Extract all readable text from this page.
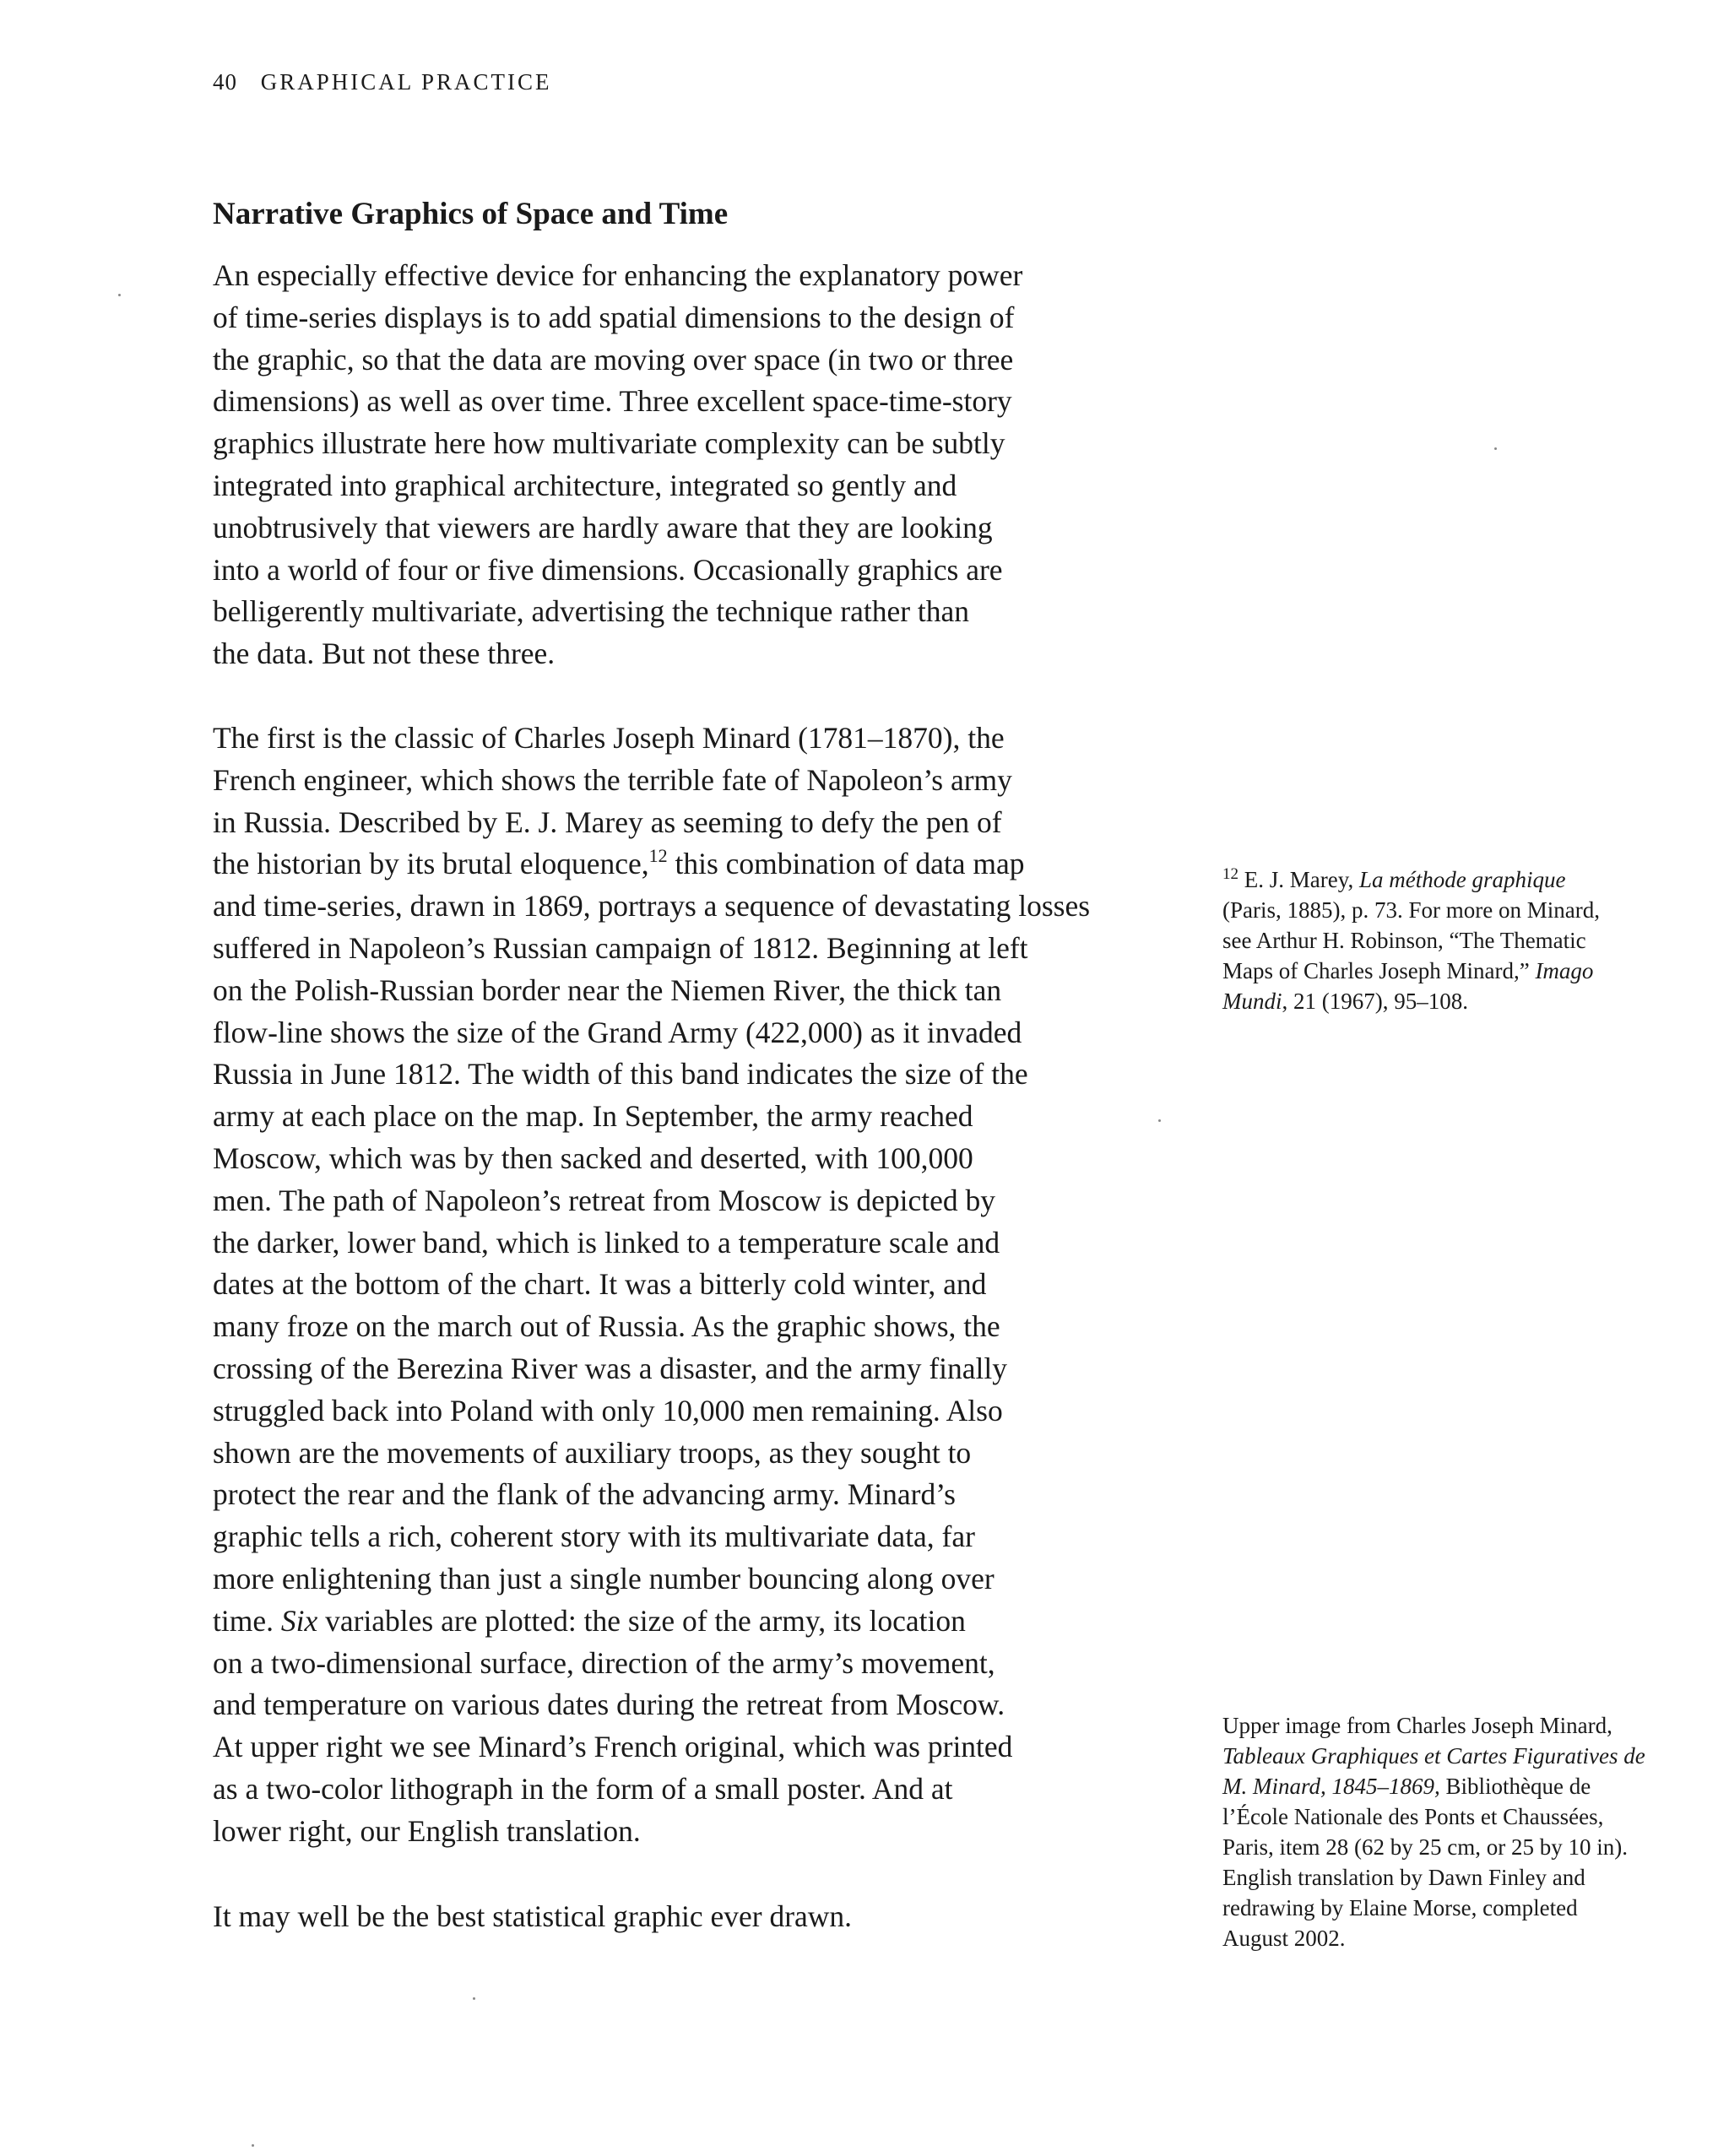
40 GRAPHICAL PRACTICE
Narrative Graphics of Space and Time

An especially effective device for enhancing the explanatory power
of time-series displays is to add spatial dimensions to the design of
the graphic, so that the data are moving over space (in two or three
dimensions) as well as over time. Three excellent space-time-story
graphics illustrate here how multivariate complexity can be subtly
integrated into graphical architecture, integrated so gently and
unobtrusively that viewers are hardly aware that they are looking
into a world of four or five dimensions. Occasionally graphics are
belligerently multivariate, advertising the technique rather than
the data. But not these three.

The first is the classic of Charles Joseph Minard (1781–1870), the
French engineer, which shows the terrible fate of Napoleon’s army
in Russia. Described by E. J. Marey as seeming to defy the pen of
the historian by its brutal eloquence,$^{12}$ this combination of data map
and time-series, drawn in 1869, portrays a sequence of devastating losses
suffered in Napoleon’s Russian campaign of 1812. Beginning at left
on the Polish-Russian border near the Niemen River, the thick tan
flow-line shows the size of the Grand Army (422,000) as it invaded
Russia in June 1812. The width of this band indicates the size of the
army at each place on the map. In September, the army reached
Moscow, which was by then sacked and deserted, with 100,000
men. The path of Napoleon’s retreat from Moscow is depicted by
the darker, lower band, which is linked to a temperature scale and
dates at the bottom of the chart. It was a bitterly cold winter, and
many froze on the march out of Russia. As the graphic shows, the
crossing of the Berezina River was a disaster, and the army finally
struggled back into Poland with only 10,000 men remaining. Also
shown are the movements of auxiliary troops, as they sought to
protect the rear and the flank of the advancing army. Minard’s
graphic tells a rich, coherent story with its multivariate data, far
more enlightening than just a single number bouncing along over
time. Six variables are plotted: the size of the army, its location
on a two-dimensional surface, direction of the army’s movement,
and temperature on various dates during the retreat from Moscow.
At upper right we see Minard’s French original, which was printed
as a two-color lithograph in the form of a small poster. And at
lower right, our English translation.

It may well be the best statistical graphic ever drawn.

$^{12}$ E. J. Marey, La méthode graphique
(Paris, 1885), p. 73. For more on Minard,
see Arthur H. Robinson, “The Thematic
Maps of Charles Joseph Minard,” Imago
Mundi, 21 (1967), 95–108.
Upper image from Charles Joseph Minard,
Tableaux Graphiques et Cartes Figuratives de
M. Minard, 1845–1869, Bibliothèque de
l’École Nationale des Ponts et Chaussées,
Paris, item 28 (62 by 25 cm, or 25 by 10 in).
English translation by Dawn Finley and
redrawing by Elaine Morse, completed
August 2002.
